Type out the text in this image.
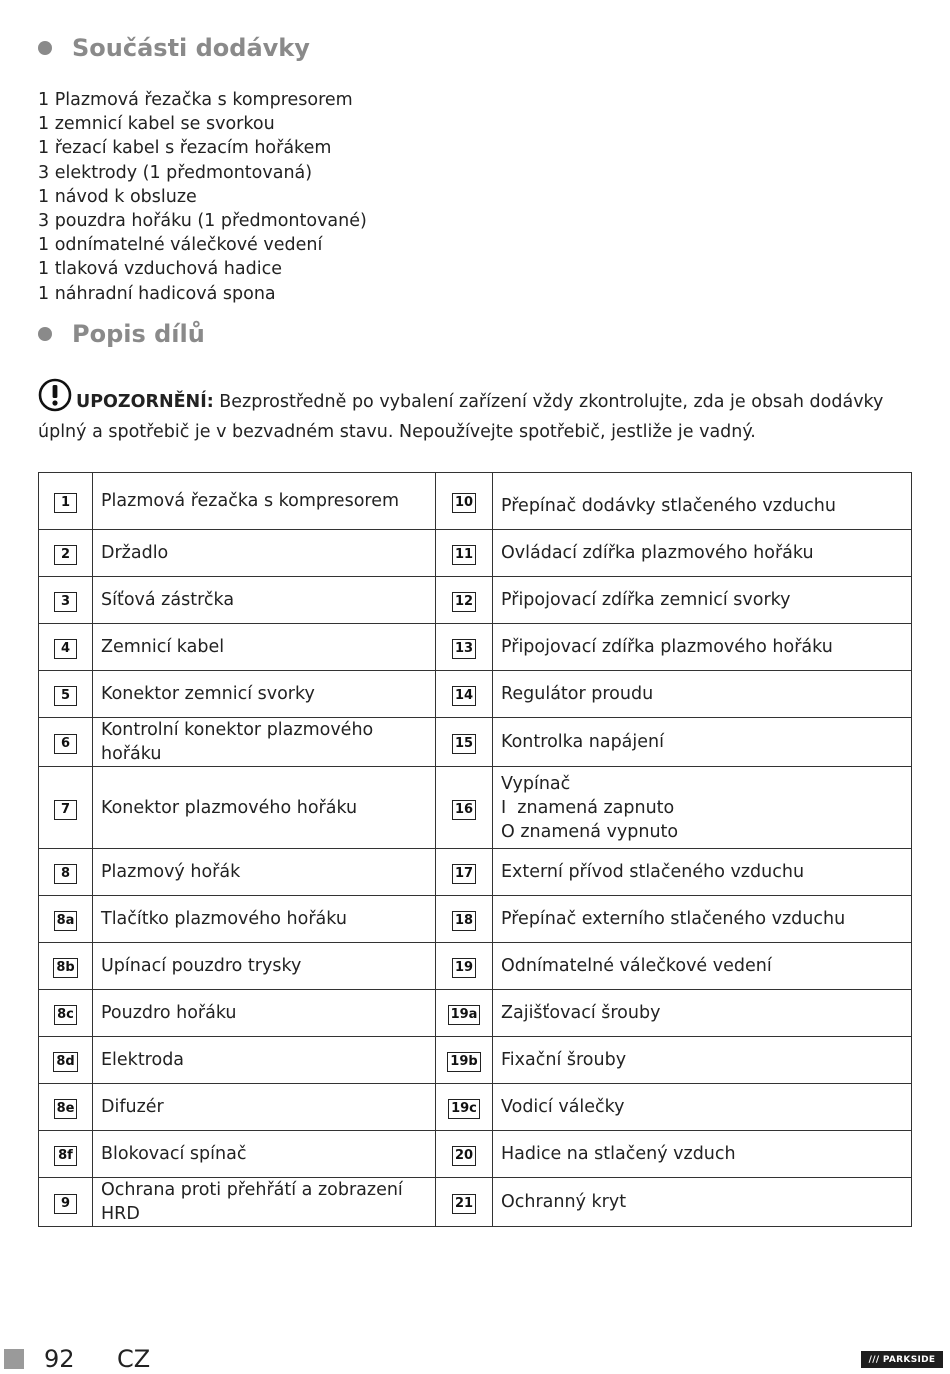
Součásti dodávky
1 Plazmová řezačka s kompresorem
1 zemnicí kabel se svorkou
1 řezací kabel s řezacím hořákem
3 elektrody (1 předmontovaná)
1 návod k obsluze
3 pouzdra hořáku (1 předmontované)
1 odnímatelné válečkové vedení
1 tlaková vzduchová hadice
1 náhradní hadicová spona
Popis dílů
UPOZORNĚNÍ: Bezprostředně po vybalení zařízení vždy zkontrolujte, zda je obsah dodávky úplný a spotřebič je v bezvadném stavu. Nepoužívejte spotřebič, jestliže je vadný.
1	Plazmová řezačka s kompresorem	10	Přepínač dodávky stlačeného vzduchu
2	Držadlo	11	Ovládací zdířka plazmového hořáku
3	Síťová zástrčka	12	Připojovací zdířka zemnicí svorky
4	Zemnicí kabel	13	Připojovací zdířka plazmového hořáku
5	Konektor zemnicí svorky	14	Regulátor proudu
6	Kontrolní konektor plazmového hořáku	15	Kontrolka napájení
7	Konektor plazmového hořáku	16	Vypínač
I  znamená zapnuto
O znamená vypnuto

8	Plazmový hořák	17	Externí přívod stlačeného vzduchu
8a	Tlačítko plazmového hořáku	18	Přepínač externího stlačeného vzduchu
8b	Upínací pouzdro trysky	19	Odnímatelné válečkové vedení
8c	Pouzdro hořáku	19a	Zajišťovací šrouby
8d	Elektroda	19b	Fixační šrouby
8e	Difuzér	19c	Vodicí válečky
8f	Blokovací spínač	20	Hadice na stlačený vzduch
9	Ochrana proti přehřátí a zobrazení HRD	21	Ochranný kryt
92 CZ	/// PARKSIDE
